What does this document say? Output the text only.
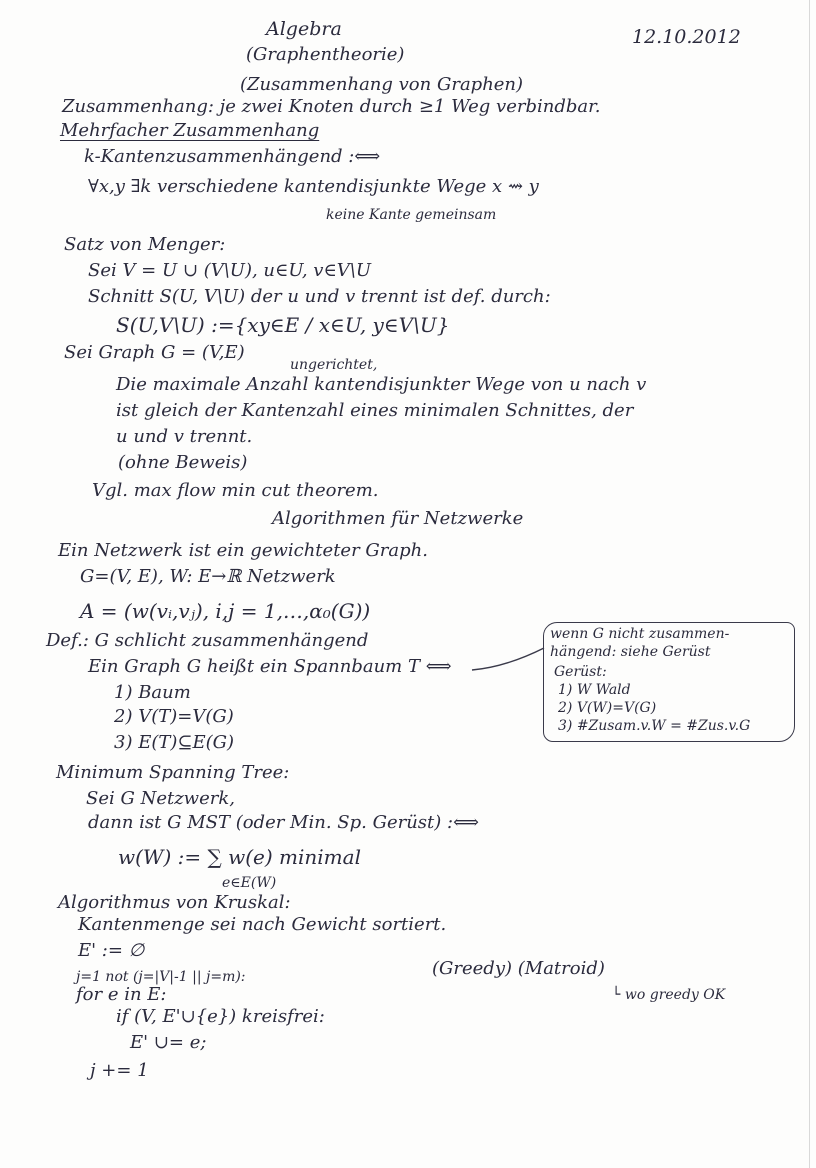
Algebra
(Graphentheorie)
12.10.2012
(Zusammenhang von Graphen)
Zusammenhang: je zwei Knoten durch ≥1 Weg verbindbar.
Mehrfacher Zusammenhang
k-Kantenzusammenhängend :⟺
∀x,y ∃k verschiedene kantendisjunkte Wege x ⇝ y
keine Kante gemeinsam
Satz von Menger:
Sei V = U ∪ (V\U), u∈U, v∈V\U
Schnitt S(U, V\U) der u und v trennt ist def. durch:
S(U,V\U) :={xy∈E / x∈U, y∈V\U}
Sei Graph G = (V,E)
ungerichtet,
Die maximale Anzahl kantendisjunkter Wege von u nach v
ist gleich der Kantenzahl eines minimalen Schnittes, der
u und v trennt.
(ohne Beweis)
Vgl. max flow min cut theorem.
Algorithmen für Netzwerke
Ein Netzwerk ist ein gewichteter Graph.
G=(V, E), W: E→ℝ Netzwerk
A = (w(vᵢ,vⱼ), i,j = 1,…,α₀(G))
Def.: G schlicht zusammenhängend
Ein Graph G heißt ein Spannbaum T ⟺
1) Baum
2) V(T)=V(G)
3) E(T)⊆E(G)
wenn G nicht zusammen-
hängend: siehe Gerüst
Gerüst:
1) W Wald
2) V(W)=V(G)
3) #Zusam.v.W = #Zus.v.G
Minimum Spanning Tree:
Sei G Netzwerk,
dann ist G MST (oder Min. Sp. Gerüst) :⟺
w(W) := ∑ w(e) minimal
e∈E(W)
Algorithmus von Kruskal:
Kantenmenge sei nach Gewicht sortiert.
E' := ∅
j=1 not (j=|V|-1 || j=m):
for e in E:
if (V, E'∪{e}) kreisfrei:
E' ∪= e;
j += 1
(Greedy) (Matroid)
└ wo greedy OK
